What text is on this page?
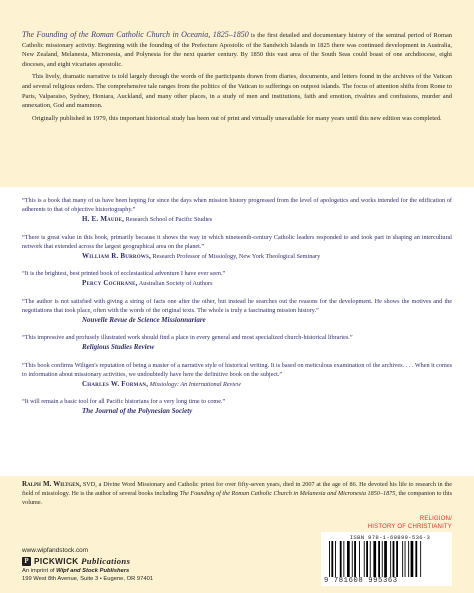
The Founding of the Roman Catholic Church in Oceania, 1825–1850 is the first detailed and documentary history of the seminal period of Roman Catholic missionary activity. Beginning with the founding of the Prefecture Apostolic of the Sandwich Islands in 1825 there was continued development in Australia, New Zealand, Melanesia, Micronesia, and Polynesia for the next quarter century. By 1850 this vast area of the South Seas could boast of one archdiocese, eight dioceses, and eight vicariates apostolic.

This lively, dramatic narrative is told largely through the words of the participants drawn from diaries, documents, and letters found in the archives of the Vatican and several religious orders. The comprehensive tale ranges from the politics of the Vatican to sufferings on outpost islands. The focus of attention shifts from Rome to Paris, Valparaiso, Sydney, Honiara, Auckland, and many other places, in a study of men and institutions, faith and emotion, rivalries and confusions, murder and annexation, God and mammon.

Originally published in 1979, this important historical study has been out of print and virtually unavailable for many years until this new edition was completed.

“This is a book that many of us have been hoping for since the days when mission history progressed from the level of apologetics and works intended for the edification of adherents to that of objective historiography.”
H. E. Maude, Research School of Pacific Studies
“There is great value in this book, primarily because it shows the way in which nineteenth-century Catholic leaders responded to and took part in shaping an intercultural network that extended across the largest geographical area on the planet.”
William R. Burrows, Research Professor of Missiology, New York Theological Seminary
“It is the brightest, best printed book of ecclesiastical adventure I have ever seen.”
Percy Cochrane, Australian Society of Authors
“The author is not satisfied with giving a string of facts one after the other, but instead he searches out the reasons for the development. He shows the motives and the negotiations that took place, often with the words of the original texts. The whole is truly a fascinating mission history.”
Nouvelle Revue de Science Missionnariare
“This impressive and profusely illustrated work should find a place in every general and most specialized church-historical libraries.”
Religious Studies Review
“This book confirms Wiltgen's reputation of being a master of a narrative style of historical writing. It is based on meticulous examination of the archives. . . . When it comes to information about missionary activities, we undoubtedly have here the definitive book on the subject.”
Charles W. Forman, Missiology: An International Review
“It will remain a basic tool for all Pacific historians for a very long time to come.”
The Journal of the Polynesian Society
Ralph M. Wiltgen, SVD, a Divine Word Missionary and Catholic priest for over fifty-seven years, died in 2007 at the age of 86. He devoted his life to research in the field of missiology. He is the author of several books including The Founding of the Roman Catholic Church in Melanesia and Micronesia 1850–1875, the companion to this volume.
www.wipfandstock.com
P PICKWICK Publications
An imprint of Wipf and Stock Publishers
199 West 8th Avenue, Suite 3 • Eugene, OR 97401
RELIGION/
HISTORY OF CHRISTIANITY
ISBN 978-1-60899-536-3
9 781608 995363
